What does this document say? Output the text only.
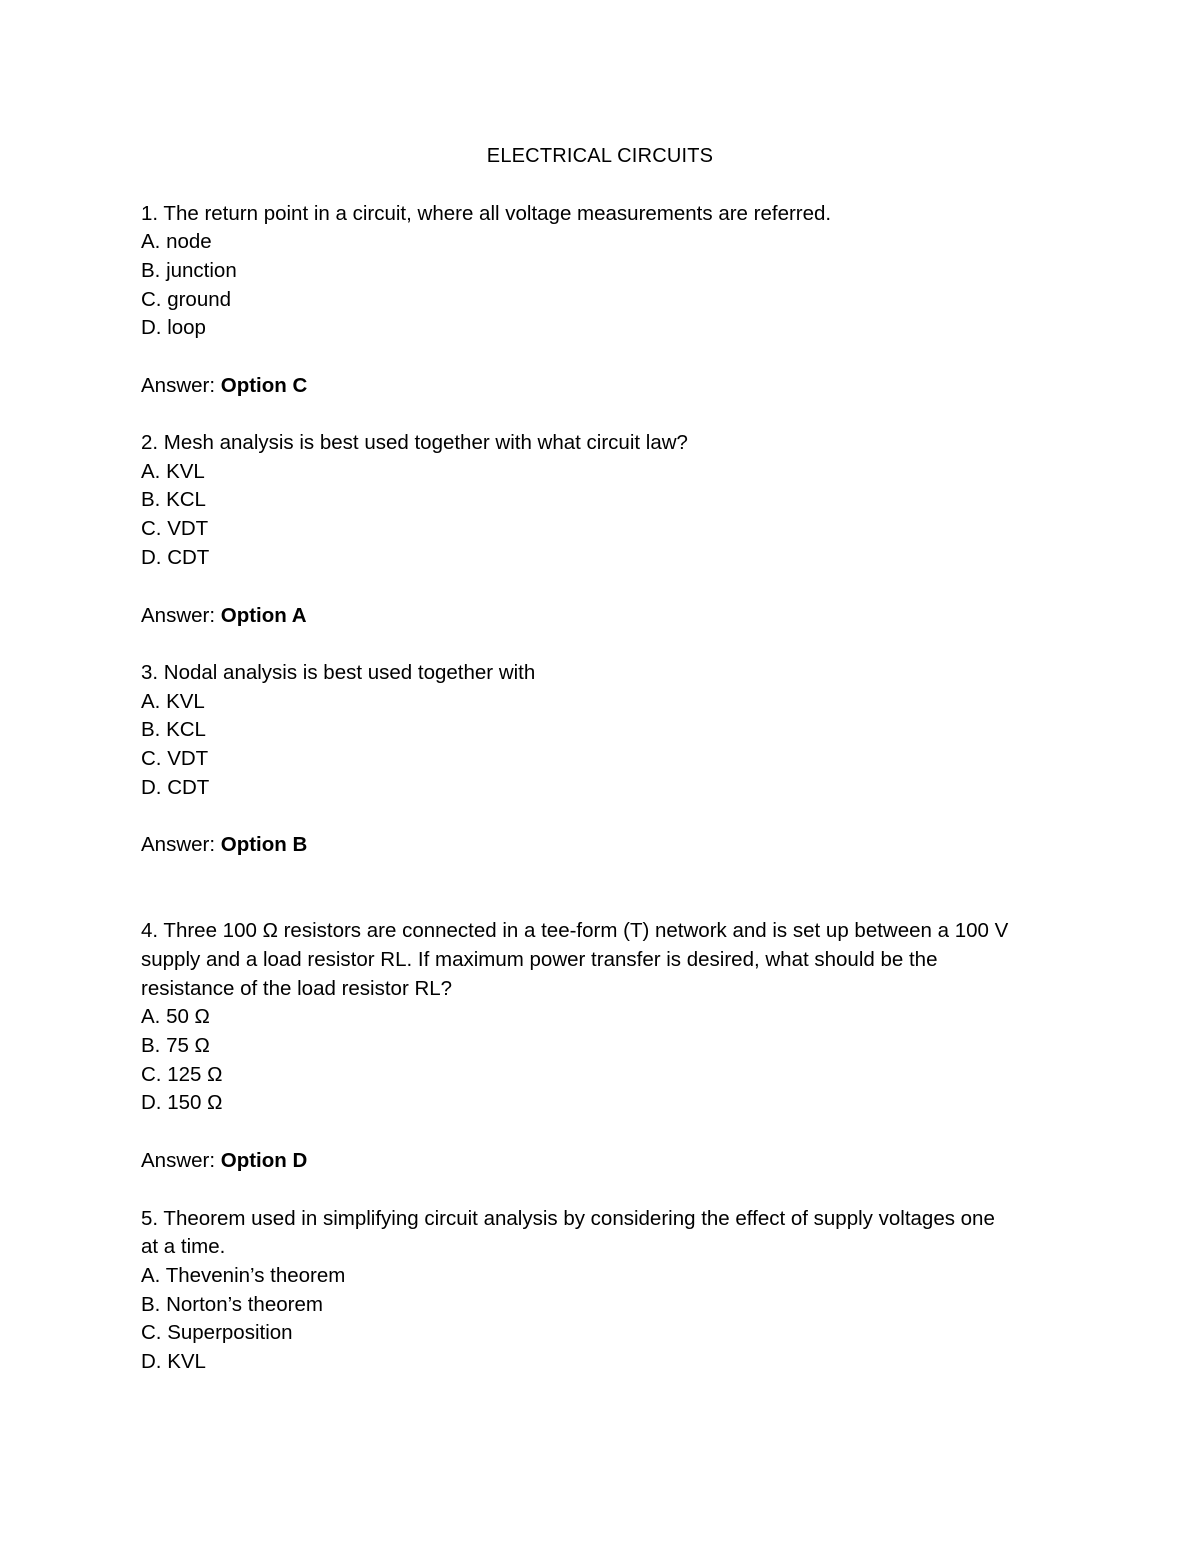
ELECTRICAL CIRCUITS
1. The return point in a circuit, where all voltage measurements are referred.
A. node
B. junction
C. ground
D. loop
Answer: Option C
2. Mesh analysis is best used together with what circuit law?
A. KVL
B. KCL
C. VDT
D. CDT
Answer: Option A
3. Nodal analysis is best used together with
A. KVL
B. KCL
C. VDT
D. CDT
Answer: Option B
4. Three 100 Ω resistors are connected in a tee-form (T) network and is set up between a 100 V
supply and a load resistor RL. If maximum power transfer is desired, what should be the
resistance of the load resistor RL?
A. 50 Ω
B. 75 Ω
C. 125 Ω
D. 150 Ω
Answer: Option D
5. Theorem used in simplifying circuit analysis by considering the effect of supply voltages one
at a time.
A. Thevenin’s theorem
B. Norton’s theorem
C. Superposition
D. KVL
